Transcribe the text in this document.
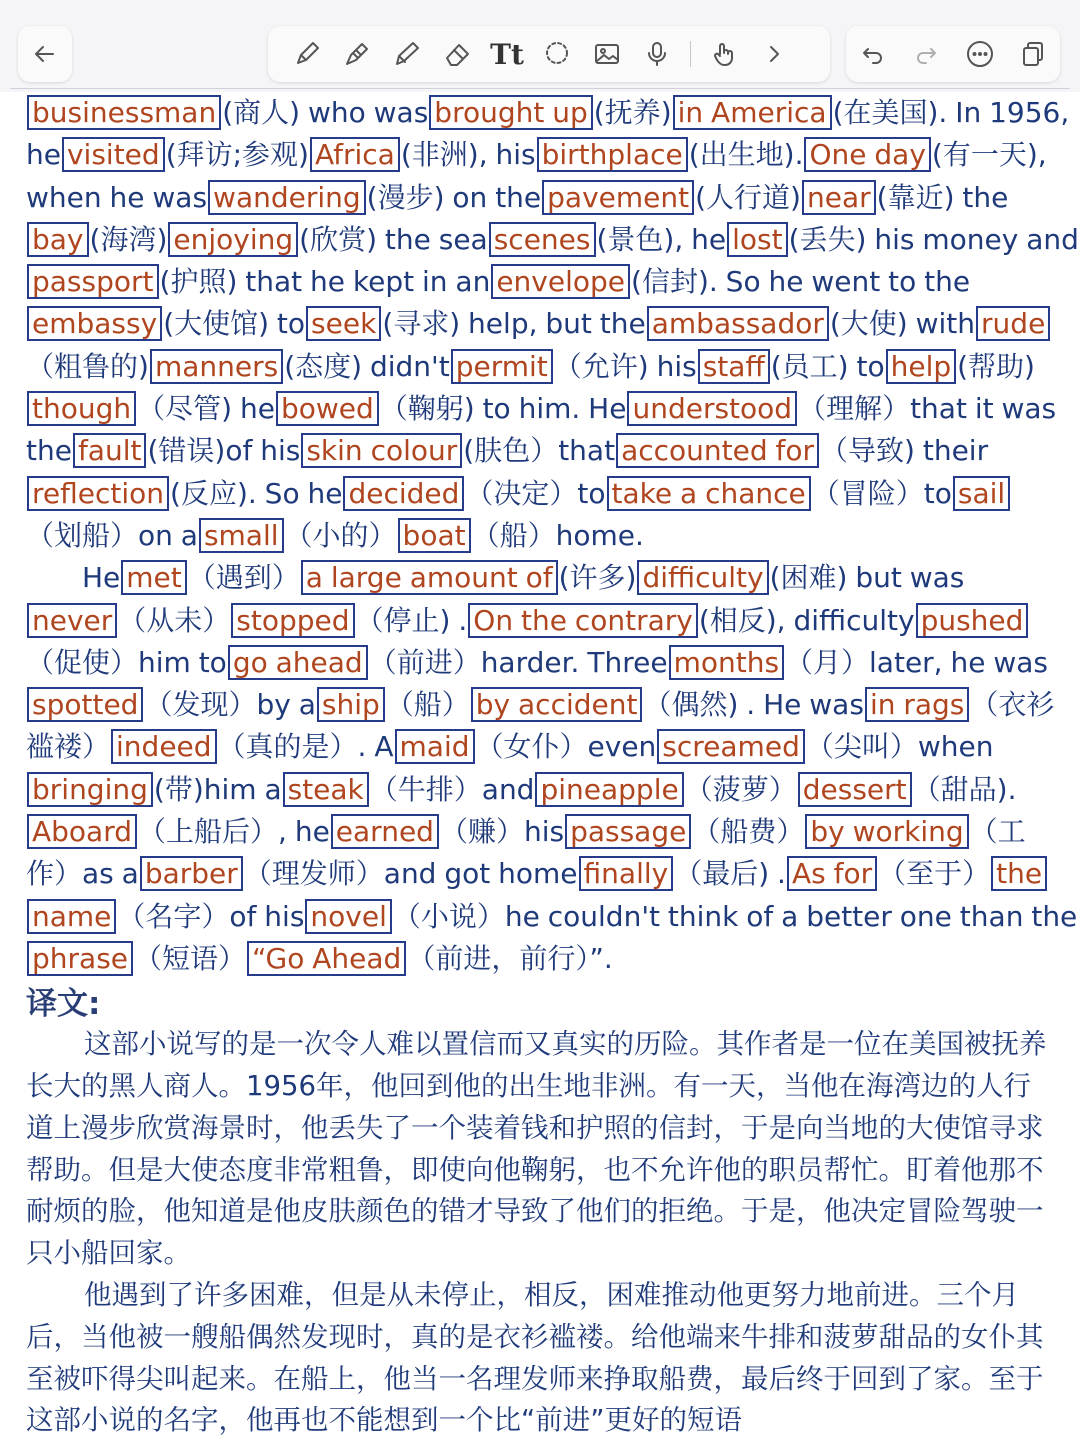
Tt
businessman (商人) who was brought up (抚养) in America (在美国). In 1956,
he visited (拜访;参观) Africa (非洲), his birthplace (出生地). One day (有一天),
when he was wandering (漫步) on the pavement (人行道) near (靠近) the
bay (海湾) enjoying (欣赏) the sea scenes (景色), he lost (丢失) his money and
passport (护照) that he kept in an envelope (信封). So he went to the
embassy (大使馆) to seek (寻求) help, but the ambassador (大使) with rude
（粗鲁的) manners (态度) didn't permit （允许) his staff (员工) to help (帮助)
though （尽管) he bowed （鞠躬) to him. He understood （理解）that it was
the fault (错误)of his skin colour (肤色）that accounted for （导致) their
reflection (反应). So he decided （决定）to take a chance （冒险）to sail
（划船）on a small （小的） boat （船）home.
He met （遇到） a large amount of (许多) difficulty (困难) but was
never （从未） stopped （停止) . On the contrary (相反), difficulty pushed
（促使）him to go ahead （前进）harder. Three months （月）later, he was
spotted （发现）by a ship （船） by accident （偶然) . He was in rags （衣衫
褴褛） indeed （真的是）. A maid （女仆）even screamed （尖叫）when
bringing (带)him a steak （牛排）and pineapple （菠萝） dessert （甜品).
Aboard （上船后）, he earned （赚）his passage （船费） by working （工
作）as a barber （理发师）and got home finally （最后) . As for （至于） the
name （名字）of his novel （小说）he couldn't think of a better one than the
phrase （短语） “Go Ahead （前进，前行）”.
译文:

这部小说写的是一次令人难以置信而又真实的历险。其作者是一位在美国被抚养长大的黑人商人。1956年，他回到他的出生地非洲。有一天，当他在海湾边的人行道上漫步欣赏海景时，他丢失了一个装着钱和护照的信封，于是向当地的大使馆寻求帮助。但是大使态度非常粗鲁，即使向他鞠躬，也不允许他的职员帮忙。盯着他那不耐烦的脸，他知道是他皮肤颜色的错才导致了他们的拒绝。于是，他决定冒险驾驶一只小船回家。

他遇到了许多困难，但是从未停止，相反，困难推动他更努力地前进。三个月后，当他被一艘船偶然发现时，真的是衣衫褴褛。给他端来牛排和菠萝甜品的女仆其至被吓得尖叫起来。在船上，他当一名理发师来挣取船费，最后终于回到了家。至于这部小说的名字，他再也不能想到一个比“前进”更好的短语
